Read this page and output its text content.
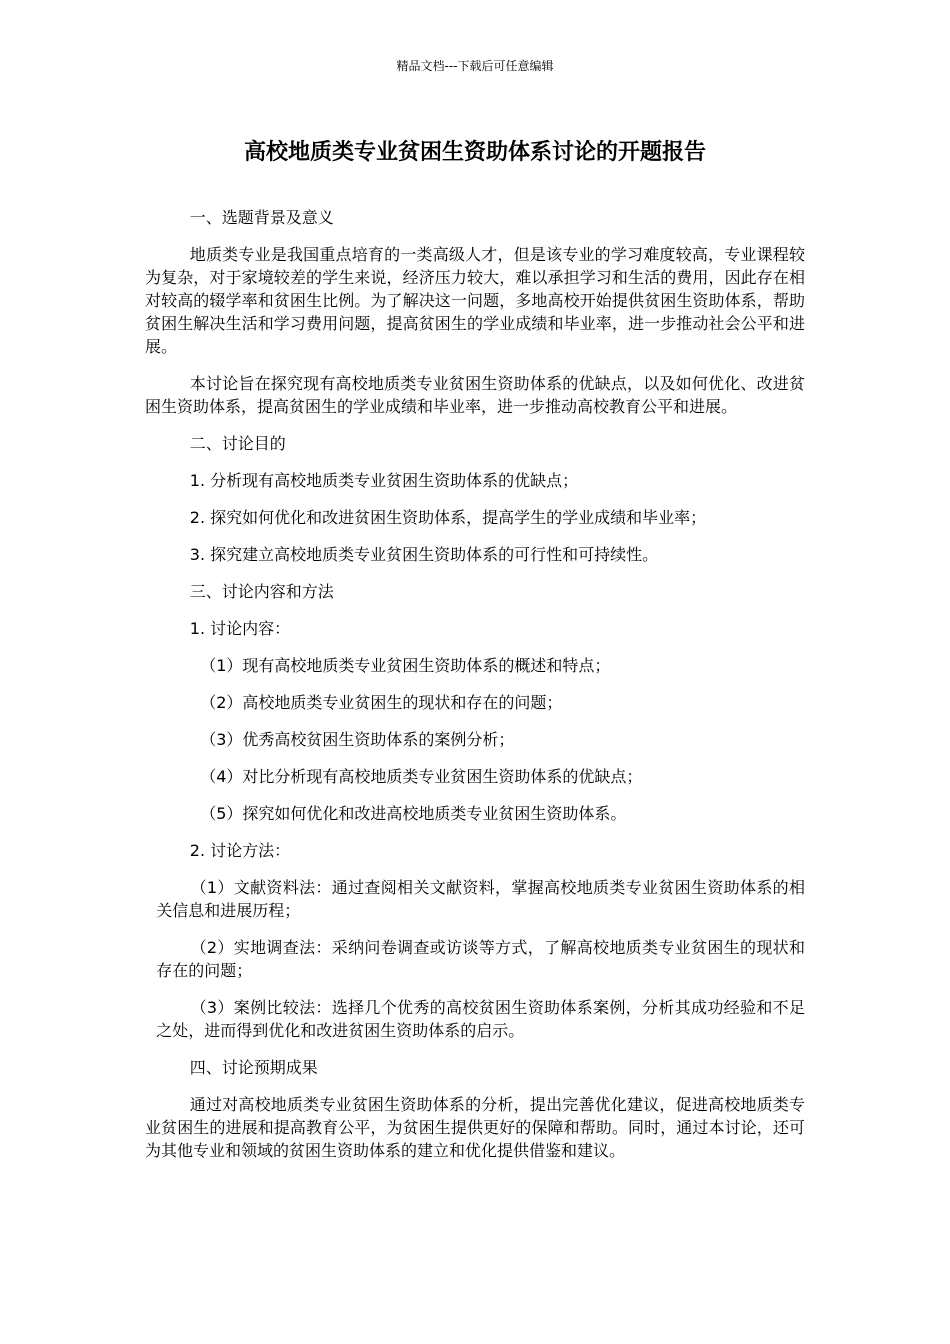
精品文档---下载后可任意编辑
高校地质类专业贫困生资助体系讨论的开题报告

一、选题背景及意义

地质类专业是我国重点培育的一类高级人才，但是该专业的学习难度较高，专业课程较为复杂，对于家境较差的学生来说，经济压力较大，难以承担学习和生活的费用，因此存在相对较高的辍学率和贫困生比例。为了解决这一问题，多地高校开始提供贫困生资助体系，帮助贫困生解决生活和学习费用问题，提高贫困生的学业成绩和毕业率，进一步推动社会公平和进展。

本讨论旨在探究现有高校地质类专业贫困生资助体系的优缺点，以及如何优化、改进贫困生资助体系，提高贫困生的学业成绩和毕业率，进一步推动高校教育公平和进展。

二、讨论目的

1. 分析现有高校地质类专业贫困生资助体系的优缺点；

2. 探究如何优化和改进贫困生资助体系，提高学生的学业成绩和毕业率；

3. 探究建立高校地质类专业贫困生资助体系的可行性和可持续性。

三、讨论内容和方法

1. 讨论内容：

（1）现有高校地质类专业贫困生资助体系的概述和特点；

（2）高校地质类专业贫困生的现状和存在的问题；

（3）优秀高校贫困生资助体系的案例分析；

（4）对比分析现有高校地质类专业贫困生资助体系的优缺点；

（5）探究如何优化和改进高校地质类专业贫困生资助体系。

2. 讨论方法：

（1）文献资料法：通过查阅相关文献资料，掌握高校地质类专业贫困生资助体系的相关信息和进展历程；

（2）实地调查法：采纳问卷调查或访谈等方式，了解高校地质类专业贫困生的现状和存在的问题；

（3）案例比较法：选择几个优秀的高校贫困生资助体系案例，分析其成功经验和不足之处，进而得到优化和改进贫困生资助体系的启示。

四、讨论预期成果

通过对高校地质类专业贫困生资助体系的分析，提出完善优化建议，促进高校地质类专业贫困生的进展和提高教育公平，为贫困生提供更好的保障和帮助。同时，通过本讨论，还可为其他专业和领域的贫困生资助体系的建立和优化提供借鉴和建议。
